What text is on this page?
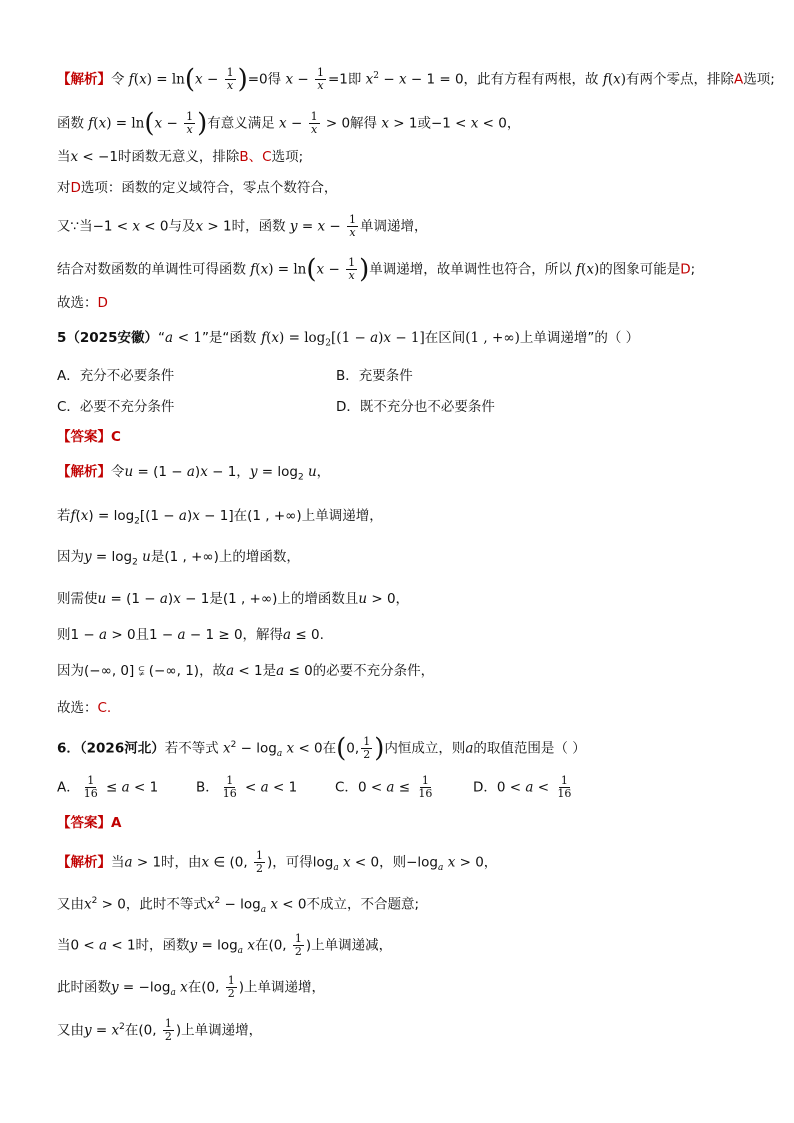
【解析】令 $f(x) = \ln(x - \frac{1}{x} )=0$得 $x - \frac{1}{x} =1$即 $x^2 - x - 1 = 0$，此有方程有两根，故 f(x)有两个零点，排除A选项;
函数 $f(x) = \ln(x - \frac{1}{x}$ )有意义满足 $x - \frac{1}{x} > 0$解得 x > 1或−1 < x < 0，
当x < −1时函数无意义，排除B、C选项;
对D选项：函数的定义域符合，零点个数符合，
又∵当−1 < x < 0与及x > 1时，函数 $y = x - \frac{1}{x}$ 单调递增，
结合对数函数的单调性可得函数 $f(x) = \ln(x - \frac{1}{x}$ )单调递增，故单调性也符合，所以 f(x)的图象可能是D;
故选：D
5（2025安徽）“a < 1”是“函数 $f(x) = \log_2[(1 - a)x - 1]$在区间(1 , +∞)上单调递增”的（ ）
A．充分不必要条件	B．充要条件
C．必要不充分条件	D．既不充分也不必要条件
【答案】C
【解析】令u = (1 − a)x − 1，$y = \log_2 u$，
若$f(x) = \log_2[(1 - a)x - 1]$在(1 , +∞)上单调递增，
因为$y = \log_2 u$是(1 , +∞)上的增函数，
则需使u = (1 − a)x − 1是(1 , +∞)上的增函数且u > 0，
则1 − a > 0且1 − a − 1 ≥ 0，解得a ≤ 0.
因为(−∞, 0] ⫋ (−∞, 1)，故a < 1是a ≤ 0的必要不充分条件，
故选：C.
6．（2026河北）若不等式 $x^2 - \log_a x < 0$在(0, $\frac{1}{2}$ )内恒成立，则a的取值范围是（ ）
A． $\frac{1}{16} \le a < 1$	B． $\frac{1}{16} < a < 1$	C．$0 < a \le \frac{1}{16}$	D．$0 < a < \frac{1}{16}$
【答案】A
【解析】当a > 1时，由x ∈ (0, $\frac{1}{2}$ )，可得$\log_a x < 0$，则$-\log_a$ x > 0，
又由$x^2 > 0$，此时不等式$x^2 - \log_a x < 0$不成立，不合题意;
当0 < a < 1时，函数$y = \log_a x$在(0, $\frac{1}{2}$ )上单调递减，
此时函数$y = -\log_a$ x在(0, $\frac{1}{2}$ )上单调递增，
又由$y = x^2$在(0, $\frac{1}{2}$ )上单调递增，
